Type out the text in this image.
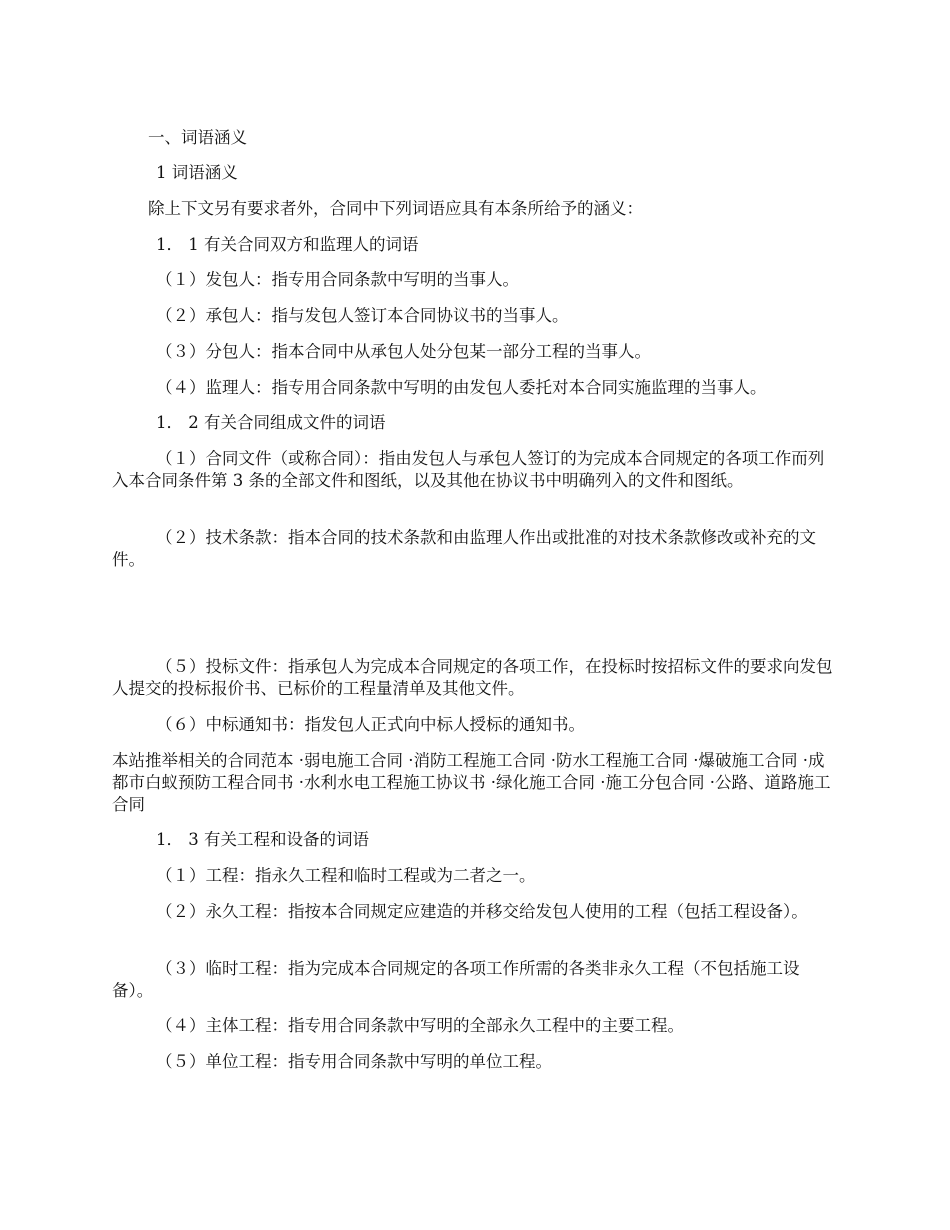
一、词语涵义

1 词语涵义

除上下文另有要求者外，合同中下列词语应具有本条所给予的涵义：

1． 1 有关合同双方和监理人的词语

（１）发包人：指专用合同条款中写明的当事人。

（２）承包人：指与发包人签订本合同协议书的当事人。

（３）分包人：指本合同中从承包人处分包某一部分工程的当事人。

（４）监理人：指专用合同条款中写明的由发包人委托对本合同实施监理的当事人。

1． 2 有关合同组成文件的词语

（１）合同文件（或称合同）：指由发包人与承包人签订的为完成本合同规定的各项工作而列入本合同条件第 3 条的全部文件和图纸，以及其他在协议书中明确列入的文件和图纸。

（２）技术条款：指本合同的技术条款和由监理人作出或批准的对技术条款修改或补充的文件。

（５）投标文件：指承包人为完成本合同规定的各项工作，在投标时按招标文件的要求向发包人提交的投标报价书、已标价的工程量清单及其他文件。

（６）中标通知书：指发包人正式向中标人授标的通知书。

本站推举相关的合同范本 ·弱电施工合同 ·消防工程施工合同 ·防水工程施工合同 ·爆破施工合同 ·成都市白蚁预防工程合同书 ·水利水电工程施工协议书 ·绿化施工合同 ·施工分包合同 ·公路、道路施工合同

1． 3 有关工程和设备的词语

（１）工程：指永久工程和临时工程或为二者之一。

（２）永久工程：指按本合同规定应建造的并移交给发包人使用的工程（包括工程设备）。

（３）临时工程：指为完成本合同规定的各项工作所需的各类非永久工程（不包括施工设备）。

（４）主体工程：指专用合同条款中写明的全部永久工程中的主要工程。

（５）单位工程：指专用合同条款中写明的单位工程。
